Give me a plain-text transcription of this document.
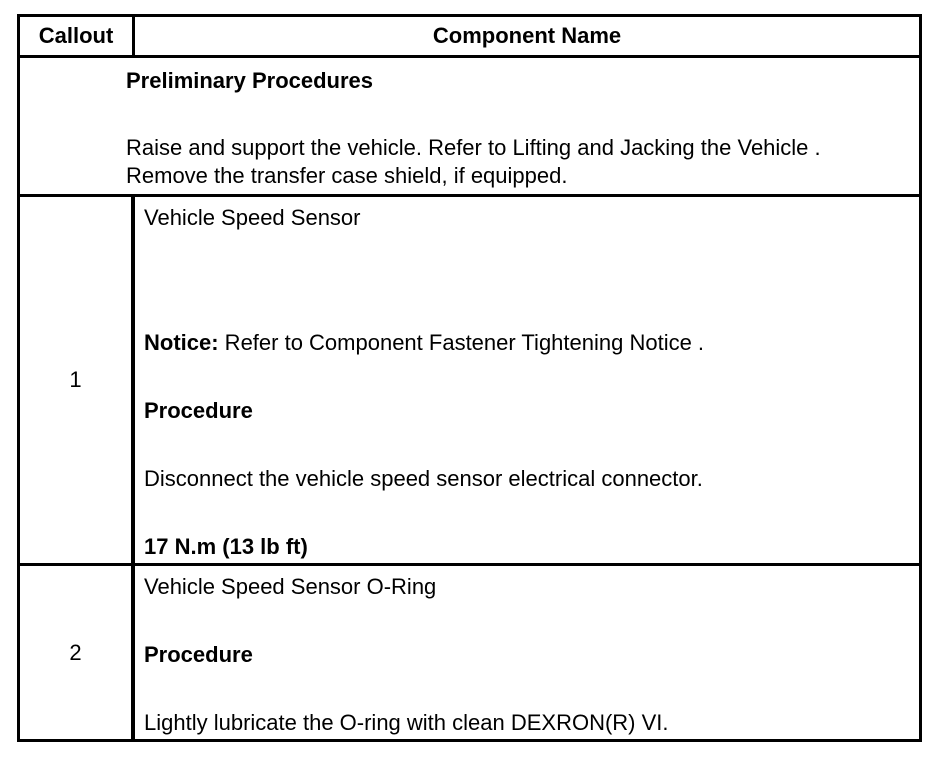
Callout	Component Name
Preliminary Procedures
Raise and support the vehicle. Refer to Lifting and Jacking the Vehicle .
Remove the transfer case shield, if equipped.
1
Vehicle Speed Sensor
Notice: Refer to Component Fastener Tightening Notice .
Procedure
Disconnect the vehicle speed sensor electrical connector.
17 N.m (13 lb ft)
2
Vehicle Speed Sensor O-Ring
Procedure
Lightly lubricate the O-ring with clean DEXRON(R) VI.
